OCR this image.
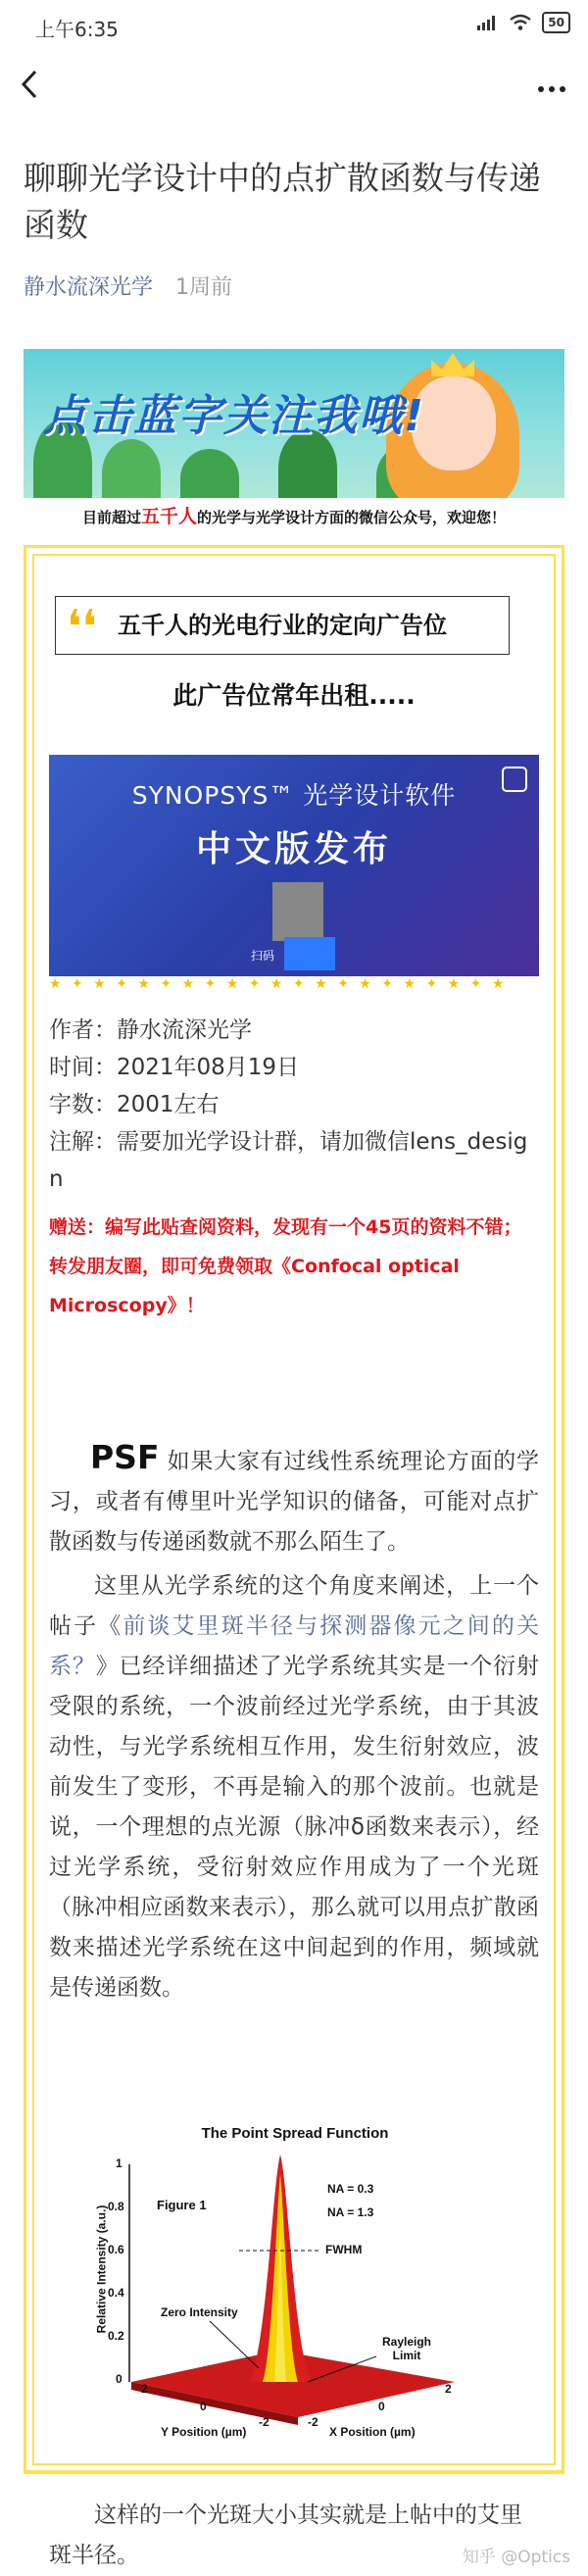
上午6:35	50
聊聊光学设计中的点扩散函数与传递函数
静水流深光学 1周前
点击蓝字关注我哦!
目前超过五千人的光学与光学设计方面的微信公众号，欢迎您！
五千人的光电行业的定向广告位
❛❛
此广告位常年出租.....
SYNOPSYS™ 光学设计软件
中文版发布
扫码
★ ✦ ★ ✦ ★ ✦ ★ ✦ ★ ✦ ★ ✦ ★ ✦ ★ ✦ ★ ✦ ★ ✦ ★
作者：静水流深光学
时间：2021年08月19日
字数：2001左右
注解：需要加光学设计群，请加微信lens_design
赠送：编写此贴查阅资料，发现有一个45页的资料不错；
转发朋友圈，即可免费领取《Confocal optical Microscopy》！
PSF 如果大家有过线性系统理论方面的学习，或者有傅里叶光学知识的储备，可能对点扩散函数与传递函数就不那么陌生了。
这里从光学系统的这个角度来阐述，上一个帖子《前谈艾里斑半径与探测器像元之间的关系？》已经详细描述了光学系统其实是一个衍射受限的系统，一个波前经过光学系统，由于其波动性，与光学系统相互作用，发生衍射效应，波前发生了变形，不再是输入的那个波前。也就是说，一个理想的点光源（脉冲δ函数来表示），经过光学系统，受衍射效应作用成为了一个光斑（脉冲相应函数来表示），那么就可以用点扩散函数来描述光学系统在这中间起到的作用，频域就是传递函数。
The Point Spread Function
Figure 1
NA = 0.3
NA = 1.3
FWHM
Zero Intensity
Rayleigh
Limit
Relative Intensity (a.u.)
1
0.8
0.6
0.4
0.2
0
2
0
-2	-2
0
2
Y Position (µm)	X Position (µm)
这样的一个光斑大小其实就是上帖中的艾里斑半径。	知乎 @Optics
